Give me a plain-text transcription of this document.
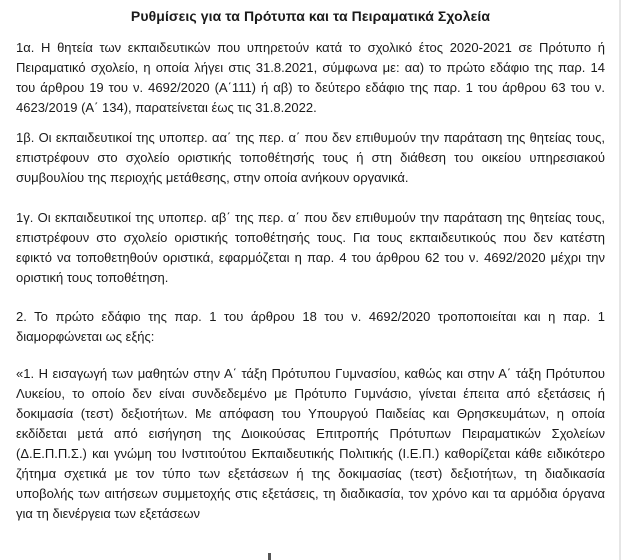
Ρυθμίσεις για τα Πρότυπα και τα Πειραματικά Σχολεία

1α. Η θητεία των εκπαιδευτικών που υπηρετούν κατά το σχολικό έτος 2020-2021 σε Πρότυπο ή Πειραματικό σχολείο, η οποία λήγει στις 31.8.2021, σύμφωνα με: αα) το πρώτο εδάφιο της παρ. 14 του άρθρου 19 του ν. 4692/2020 (Α΄111) ή αβ) το δεύτερο εδάφιο της παρ. 1 του άρθρου 63 του ν. 4623/2019 (Α΄ 134), παρατείνεται έως τις 31.8.2022.

1β. Οι εκπαιδευτικοί της υποπερ. αα΄ της περ. α΄ που δεν επιθυμούν την παράταση της θητείας τους, επιστρέφουν στο σχολείο οριστικής τοποθέτησής τους ή στη διάθεση του οικείου υπηρεσιακού συμβουλίου της περιοχής μετάθεσης, στην οποία ανήκουν οργανικά.

1γ. Οι εκπαιδευτικοί της υποπερ. αβ΄ της περ. α΄ που δεν επιθυμούν την παράταση της θητείας τους, επιστρέφουν στο σχολείο οριστικής τοποθέτησής τους. Για τους εκπαιδευτικούς που δεν κατέστη εφικτό να τοποθετηθούν οριστικά, εφαρμόζεται η παρ. 4 του άρθρου 62 του ν. 4692/2020 μέχρι την οριστική τους τοποθέτηση.

2. Το πρώτο εδάφιο της παρ. 1 του άρθρου 18 του ν. 4692/2020 τροποποιείται και η παρ. 1 διαμορφώνεται ως εξής:

«1. Η εισαγωγή των μαθητών στην Α΄ τάξη Πρότυπου Γυμνασίου, καθώς και στην Α΄ τάξη Πρότυπου Λυκείου, το οποίο δεν είναι συνδεδεμένο με Πρότυπο Γυμνάσιο, γίνεται έπειτα από εξετάσεις ή δοκιμασία (τεστ) δεξιοτήτων. Με απόφαση του Υπουργού Παιδείας και Θρησκευμάτων, η οποία εκδίδεται μετά από εισήγηση της Διοικούσας Επιτροπής Πρότυπων Πειραματικών Σχολείων (Δ.Ε.Π.Π.Σ.) και γνώμη του Ινστιτούτου Εκπαιδευτικής Πολιτικής (Ι.Ε.Π.) καθορίζεται κάθε ειδικότερο ζήτημα σχετικά με τον τύπο των εξετάσεων ή της δοκιμασίας (τεστ) δεξιοτήτων, τη διαδικασία υποβολής των αιτήσεων συμμετοχής στις εξετάσεις, τη διαδικασία, τον χρόνο και τα αρμόδια όργανα για τη διενέργεια των εξετάσεων
